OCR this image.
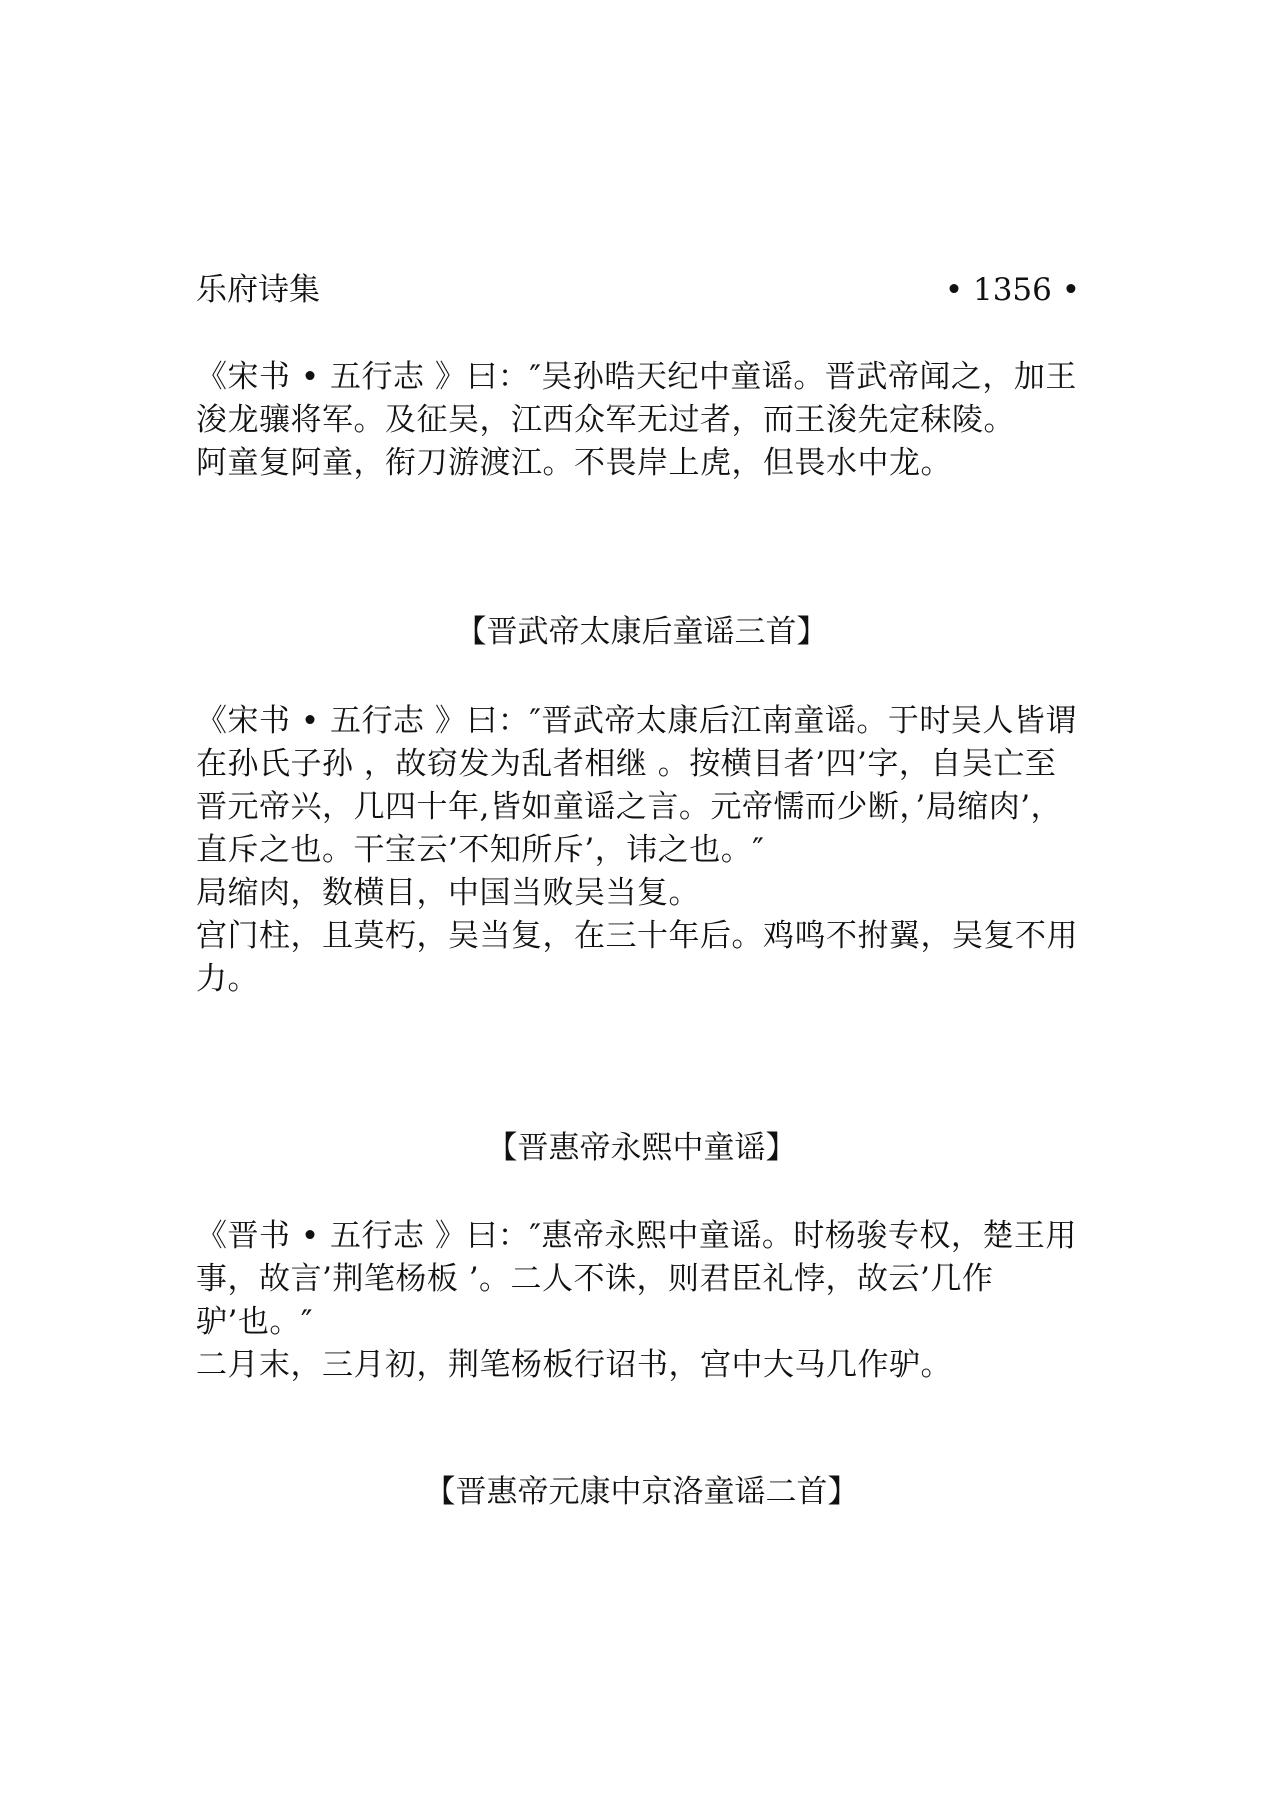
乐府诗集	• 1356 •

《宋书 • 五行志 》曰：″吴孙晧天纪中童谣。晋武帝闻之，加王浚龙骧将军。及征吴，江西众军无过者，而王浚先定秣陵。

阿童复阿童，衔刀游渡江。不畏岸上虎，但畏水中龙。

【晋武帝太康后童谣三首】

《宋书 • 五行志 》曰：″晋武帝太康后江南童谣。于时吴人皆谓在孙氏子孙 ，故窃发为乱者相继 。按横目者’四’字，自吴亡至晋元帝兴，几四十年,皆如童谣之言。元帝懦而少断，’局缩肉’，直斥之也。干宝云’不知所斥’，讳之也。″

局缩肉，数横目，中国当败吴当复。

宫门柱，且莫朽，吴当复，在三十年后。鸡鸣不拊翼，吴复不用力。

【晋惠帝永熙中童谣】

《晋书 • 五行志 》曰：″惠帝永熙中童谣。时杨骏专权，楚王用事，故言’荆笔杨板 ’。二人不诛，则君臣礼悖，故云’几作驴’也。″

二月末，三月初，荆笔杨板行诏书，宫中大马几作驴。

【晋惠帝元康中京洛童谣二首】
